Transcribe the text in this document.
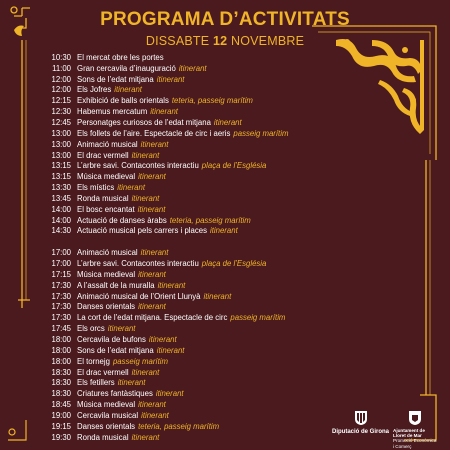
PROGRAMA D’ACTIVITATS
DISSABTE 12 NOVEMBRE
10:30 El mercat obre les portes
11:00 Gran cercavila d’inauguració itinerant
12:00 Sons de l’edat mitjana itinerant
12:00 Els Jofres itinerant
12:15 Exhibició de balls orientals teteria, passeig marítim
12:30 Habemus mercatum itinerant
12:45 Personatges curiosos de l’edat mitjana itinerant
13:00 Els follets de l’aire. Espectacle de circ i aeris passeig marítim
13:00 Animació musical itinerant
13:00 El drac vermell itinerant
13:15 L’arbre savi. Contacontes interactiu plaça de l’Església
13:15 Música medieval itinerant
13:30 Els místics itinerant
13:45 Ronda musical itinerant
14:00 El bosc encantat itinerant
14:00 Actuació de danses àrabs teteria, passeig marítim
14:30 Actuació musical pels carrers i places itinerant
17:00 Animació musical itinerant
17:00 L’arbre savi. Contacontes interactiu plaça de l’Església
17:15 Música medieval itinerant
17:30 A l’assalt de la muralla itinerant
17:30 Animació musical de l’Orient Llunyà itinerant
17:30 Danses orientals itinerant
17:30 La cort de l’edat mitjana. Espectacle de circ passeig marítim
17:45 Els orcs itinerant
18:00 Cercavila de bufons itinerant
18:00 Sons de l’edat mitjana itinerant
18:00 El tornejg passeig marítim
18:30 El drac vermell itinerant
18:30 Els fetillers itinerant
18:30 Criatures fantàstiques itinerant
18:45 Música medieval itinerant
19:00 Cercavila musical itinerant
19:15 Danses orientals teteria, passeig marítim
19:30 Ronda musical itinerant
Diputació de Girona Ajuntament de
Lloret de Mar
Promoció Econòmica
i Comerç
